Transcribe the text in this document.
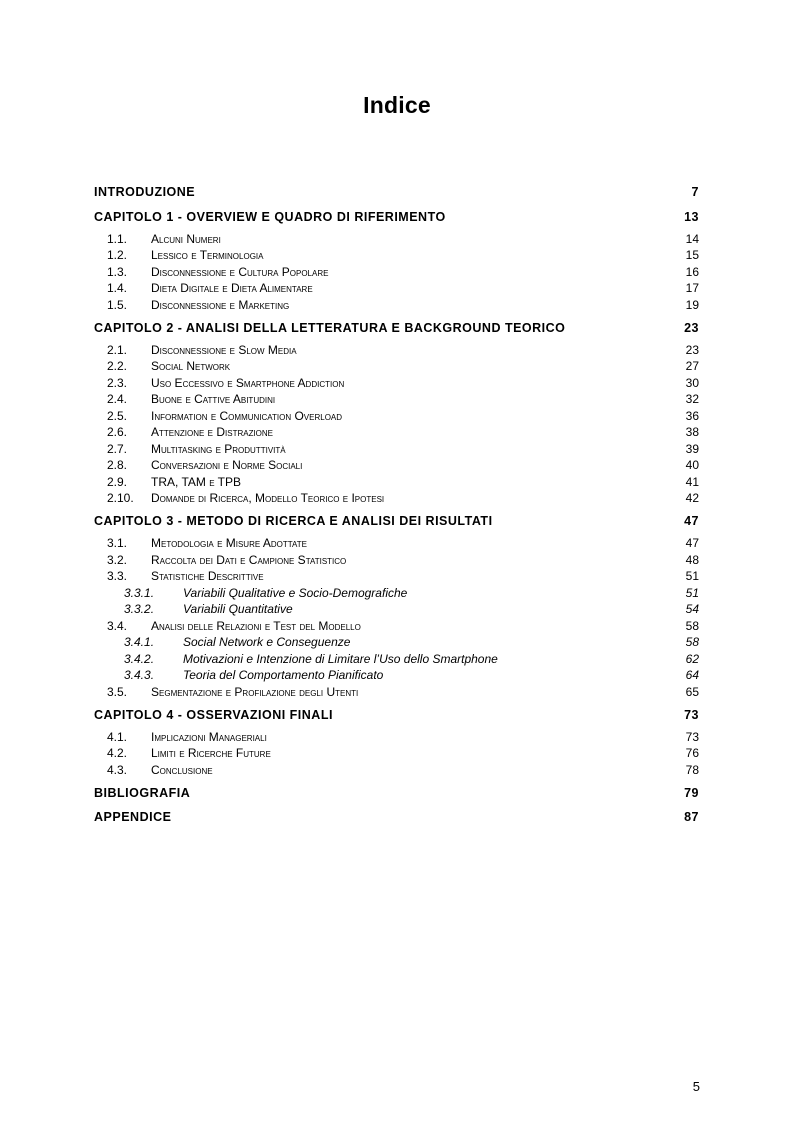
Indice
INTRODUZIONE	7
CAPITOLO 1 - OVERVIEW E QUADRO DI RIFERIMENTO	13
1.1.	Alcuni Numeri	14
1.2.	Lessico e Terminologia	15
1.3.	Disconnessione e Cultura Popolare	16
1.4.	Dieta Digitale e Dieta Alimentare	17
1.5.	Disconnessione e Marketing	19
CAPITOLO 2 - ANALISI DELLA LETTERATURA E BACKGROUND TEORICO	23
2.1.	Disconnessione e Slow Media	23
2.2.	Social Network	27
2.3.	Uso Eccessivo e Smartphone Addiction	30
2.4.	Buone e Cattive Abitudini	32
2.5.	Information e Communication Overload	36
2.6.	Attenzione e Distrazione	38
2.7.	Multitasking e Produttività	39
2.8.	Conversazioni e Norme Sociali	40
2.9.	TRA, TAM e TPB	41
2.10.	Domande di Ricerca, Modello Teorico e Ipotesi	42
CAPITOLO 3 - METODO DI RICERCA E ANALISI DEI RISULTATI	47
3.1.	Metodologia e Misure Adottate	47
3.2.	Raccolta dei Dati e Campione Statistico	48
3.3.	Statistiche Descrittive	51
3.3.1.	Variabili Qualitative e Socio-Demografiche	51
3.3.2.	Variabili Quantitative	54
3.4.	Analisi delle Relazioni e Test del Modello	58
3.4.1.	Social Network e Conseguenze	58
3.4.2.	Motivazioni e Intenzione di Limitare l’Uso dello Smartphone	62
3.4.3.	Teoria del Comportamento Pianificato	64
3.5.	Segmentazione e Profilazione degli Utenti	65
CAPITOLO 4 - OSSERVAZIONI FINALI	73
4.1.	Implicazioni Manageriali	73
4.2.	Limiti e Ricerche Future	76
4.3.	Conclusione	78
BIBLIOGRAFIA	79
APPENDICE	87
5
